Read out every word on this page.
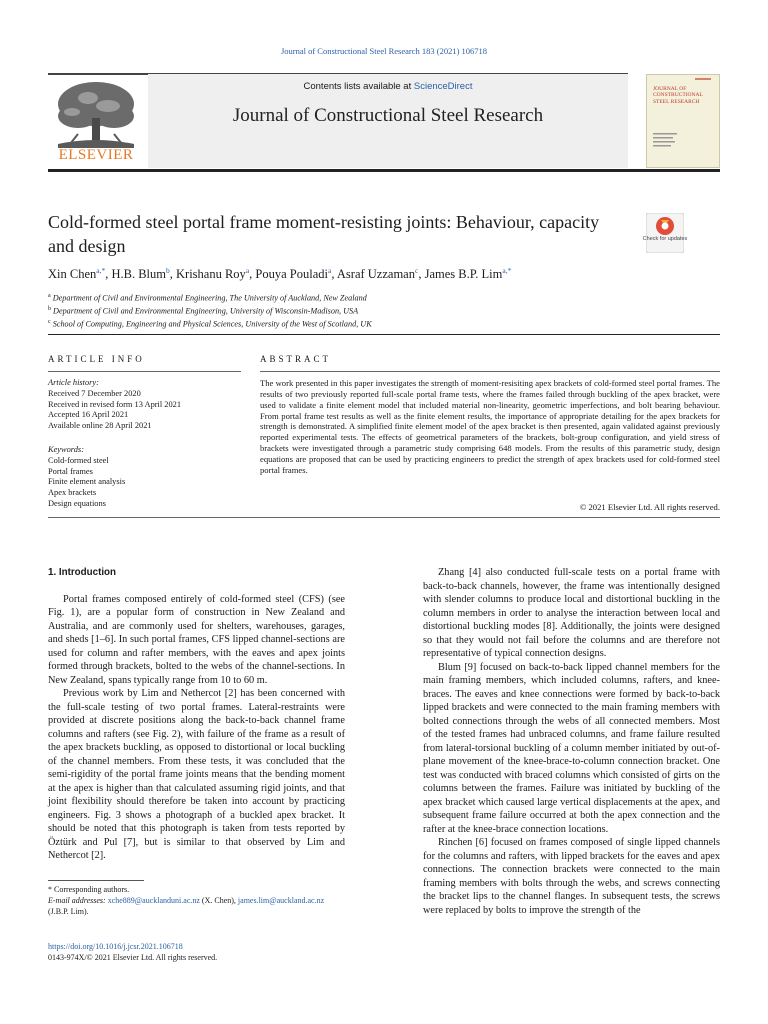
Journal of Constructional Steel Research 183 (2021) 106718
Contents lists available at ScienceDirect
Journal of Constructional Steel Research
ELSEVIER
JOURNAL OF CONSTRUCTIONAL STEEL RESEARCH
Cold-formed steel portal frame moment-resisting joints: Behaviour, capacity and design	Check for updates
Xin Chen$^{a,*}$, H.B. Blum$^b$, Krishanu Roy$^a$, Pouya Pouladi$^a$, Asraf Uzzaman$^c$, James B.P. Lim$^{a,*}$
$^a$ Department of Civil and Environmental Engineering, The University of Auckland, New Zealand
$^b$ Department of Civil and Environmental Engineering, University of Wisconsin-Madison, USA
$^c$ School of Computing, Engineering and Physical Sciences, University of the West of Scotland, UK
ARTICLE INFO	ABSTRACT
Article history:
Received 7 December 2020
Received in revised form 13 April 2021
Accepted 16 April 2021
Available online 28 April 2021
Keywords:
Cold-formed steel
Portal frames
Finite element analysis
Apex brackets
Design equations
The work presented in this paper investigates the strength of moment-resisiting apex brackets of cold-formed steel portal frames. The results of two previously reported full-scale portal frame tests, where the frames failed through buckling of the apex bracket, were used to validate a finite element model that included material non-linearity, geometric imperfections, and bolt bearing behaviour. From portal frame test results as well as the finite element results, the importance of appropriate detailing for the apex brackets for strength is demonstrated. A simplified finite element model of the apex bracket is then presented, again validated against previously reported experimental tests. The effects of geometrical parameters of the brackets, bolt-group configuration, and yield stress of brackets were investigated through a parametric study comprising 648 models. From the results of this parametric study, design equations are proposed that can be used by practicing engineers to predict the strength of apex brackets used for cold-formed steel portal frames.
© 2021 Elsevier Ltd. All rights reserved.
1. Introduction

Portal frames composed entirely of cold-formed steel (CFS) (see Fig. 1), are a popular form of construction in New Zealand and Australia, and are commonly used for shelters, warehouses, garages, and sheds [1–6]. In such portal frames, CFS lipped channel-sections are used for column and rafter members, with the eaves and apex joints formed through brackets, bolted to the webs of the channel-sections. In New Zealand, spans typically range from 10 to 60 m.

Previous work by Lim and Nethercot [2] has been concerned with the full-scale testing of two portal frames. Lateral-restraints were provided at discrete positions along the back-to-back channel frame columns and rafters (see Fig. 2), with failure of the frame as a result of the apex brackets buckling, as opposed to distortional or local buckling of the channel members. From these tests, it was concluded that the semi-rigidity of the portal frame joints means that the bending moment at the apex is higher than that calculated assuming rigid joints, and that joint flexibility should therefore be taken into account by practicing engineers. Fig. 3 shows a photograph of a buckled apex bracket. It should be noted that this photograph is taken from tests reported by Öztürk and Pul [7], but is similar to that observed by Lim and Nethercot [2].

Zhang [4] also conducted full-scale tests on a portal frame with back-to-back channels, however, the frame was intentionally designed with slender columns to produce local and distortional buckling in the column members in order to analyse the interaction between local and distortional buckling modes [8]. Additionally, the joints were designed so that they would not fail before the columns and are therefore not representative of typical connection designs.

Blum [9] focused on back-to-back lipped channel members for the main framing members, which included columns, rafters, and knee-braces. The eaves and knee connections were formed by back-to-back lipped brackets and were connected to the main framing members with bolted connections through the webs of all connected members. Most of the tested frames had unbraced columns, and frame failure resulted from lateral-torsional buckling of a column member initiated by out-of-plane movement of the knee-brace-to-column connection bracket. One test was conducted with braced columns which consisted of girts on the columns between the frames. Failure was initiated by buckling of the apex bracket which caused large vertical displacements at the apex, and subsequent frame failure occurred at both the apex connection and the rafter at the knee-brace connection locations.

Rinchen [6] focused on frames composed of single lipped channels for the columns and rafters, with lipped brackets for the eaves and apex connections. The connection brackets were connected to the main framing members with bolts through the webs, and screws connecting the bracket lips to the channel flanges. In subsequent tests, the screws were replaced by bolts to improve the strength of the

* Corresponding authors.
E-mail addresses: xche889@aucklanduni.ac.nz (X. Chen), james.lim@auckland.ac.nz (J.B.P. Lim).
https://doi.org/10.1016/j.jcsr.2021.106718
0143-974X/© 2021 Elsevier Ltd. All rights reserved.
